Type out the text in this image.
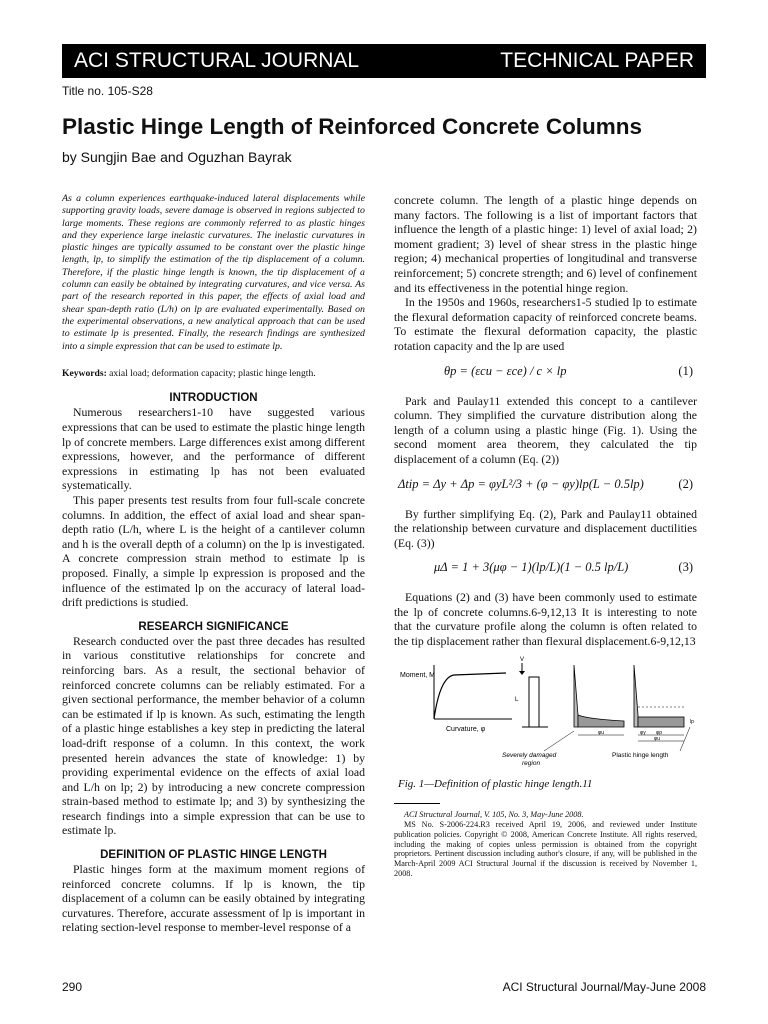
ACI STRUCTURAL JOURNAL	TECHNICAL PAPER
Title no. 105-S28
Plastic Hinge Length of Reinforced Concrete Columns
by Sungjin Bae and Oguzhan Bayrak
As a column experiences earthquake-induced lateral displacements while supporting gravity loads, severe damage is observed in regions subjected to large moments. These regions are commonly referred to as plastic hinges and they experience large inelastic curvatures. The inelastic curvatures in plastic hinges are typically assumed to be constant over the plastic hinge length, lp, to simplify the estimation of the tip displacement of a column. Therefore, if the plastic hinge length is known, the tip displacement of a column can easily be obtained by integrating curvatures, and vice versa. As part of the research reported in this paper, the effects of axial load and shear span-depth ratio (L/h) on lp are evaluated experimentally. Based on the experimental observations, a new analytical approach that can be used to estimate lp is presented. Finally, the research findings are synthesized into a simple expression that can be used to estimate lp.
Keywords: axial load; deformation capacity; plastic hinge length.
INTRODUCTION

Numerous researchers1-10 have suggested various expressions that can be used to estimate the plastic hinge length lp of concrete members. Large differences exist among different expressions, however, and the performance of different expressions in estimating lp has not been evaluated systematically.

This paper presents test results from four full-scale concrete columns. In addition, the effect of axial load and shear span-depth ratio (L/h, where L is the height of a cantilever column and h is the overall depth of a column) on the lp is investigated. A concrete compression strain method to estimate lp is proposed. Finally, a simple lp expression is proposed and the influence of the estimated lp on the accuracy of lateral load-drift predictions is studied.

RESEARCH SIGNIFICANCE

Research conducted over the past three decades has resulted in various constitutive relationships for concrete and reinforcing bars. As a result, the sectional behavior of reinforced concrete columns can be reliably estimated. For a given sectional performance, the member behavior of a column can be estimated if lp is known. As such, estimating the length of a plastic hinge establishes a key step in predicting the lateral load-drift response of a column. In this context, the work presented herein advances the state of knowledge: 1) by providing experimental evidence on the effects of axial load and L/h on lp; 2) by introducing a new concrete compression strain-based method to estimate lp; and 3) by synthesizing the research findings into a simple expression that can be use to estimate lp.

DEFINITION OF PLASTIC HINGE LENGTH

Plastic hinges form at the maximum moment regions of reinforced concrete columns. If lp is known, the tip displacement of a column can be easily obtained by integrating curvatures. Therefore, accurate assessment of lp is important in relating section-level response to member-level response of a

concrete column. The length of a plastic hinge depends on many factors. The following is a list of important factors that influence the length of a plastic hinge: 1) level of axial load; 2) moment gradient; 3) level of shear stress in the plastic hinge region; 4) mechanical properties of longitudinal and transverse reinforcement; 5) concrete strength; and 6) level of confinement and its effectiveness in the potential hinge region.

In the 1950s and 1960s, researchers1-5 studied lp to estimate the flexural deformation capacity of reinforced concrete beams. To estimate the flexural deformation capacity, the plastic rotation capacity and the lp are used

θp = (εcu − εce) / c × lp	(1)

Park and Paulay11 extended this concept to a cantilever column. They simplified the curvature distribution along the length of a column using a plastic hinge (Fig. 1). Using the second moment area theorem, they calculated the tip displacement of a column (Eq. (2))

Δtip = Δy + Δp = φyL²/3 + (φ − φy)lp(L − 0.5lp)	(2)

By further simplifying Eq. (2), Park and Paulay11 obtained the relationship between curvature and displacement ductilities (Eq. (3))

μΔ = 1 + 3(μφ − 1)(lp/L)(1 − 0.5 lp/L)	(3)

Equations (2) and (3) have been commonly used to estimate the lp of concrete columns.6-9,12,13 It is interesting to note that the curvature profile along the column is often related to the tip displacement rather than flexural displacement.6-9,12,13

Moment, M
Curvature, φ
V
L
φu	φy φp
φu
lp
Severely damaged
region
Plastic hinge length
Fig. 1—Definition of plastic hinge length.11

ACI Structural Journal, V. 105, No. 3, May-June 2008.

MS No. S-2006-224.R3 received April 19, 2006, and reviewed under Institute publication policies. Copyright © 2008, American Concrete Institute. All rights reserved, including the making of copies unless permission is obtained from the copyright proprietors. Pertinent discussion including author's closure, if any, will be published in the March-April 2009 ACI Structural Journal if the discussion is received by November 1, 2008.

290	ACI Structural Journal/May-June 2008
